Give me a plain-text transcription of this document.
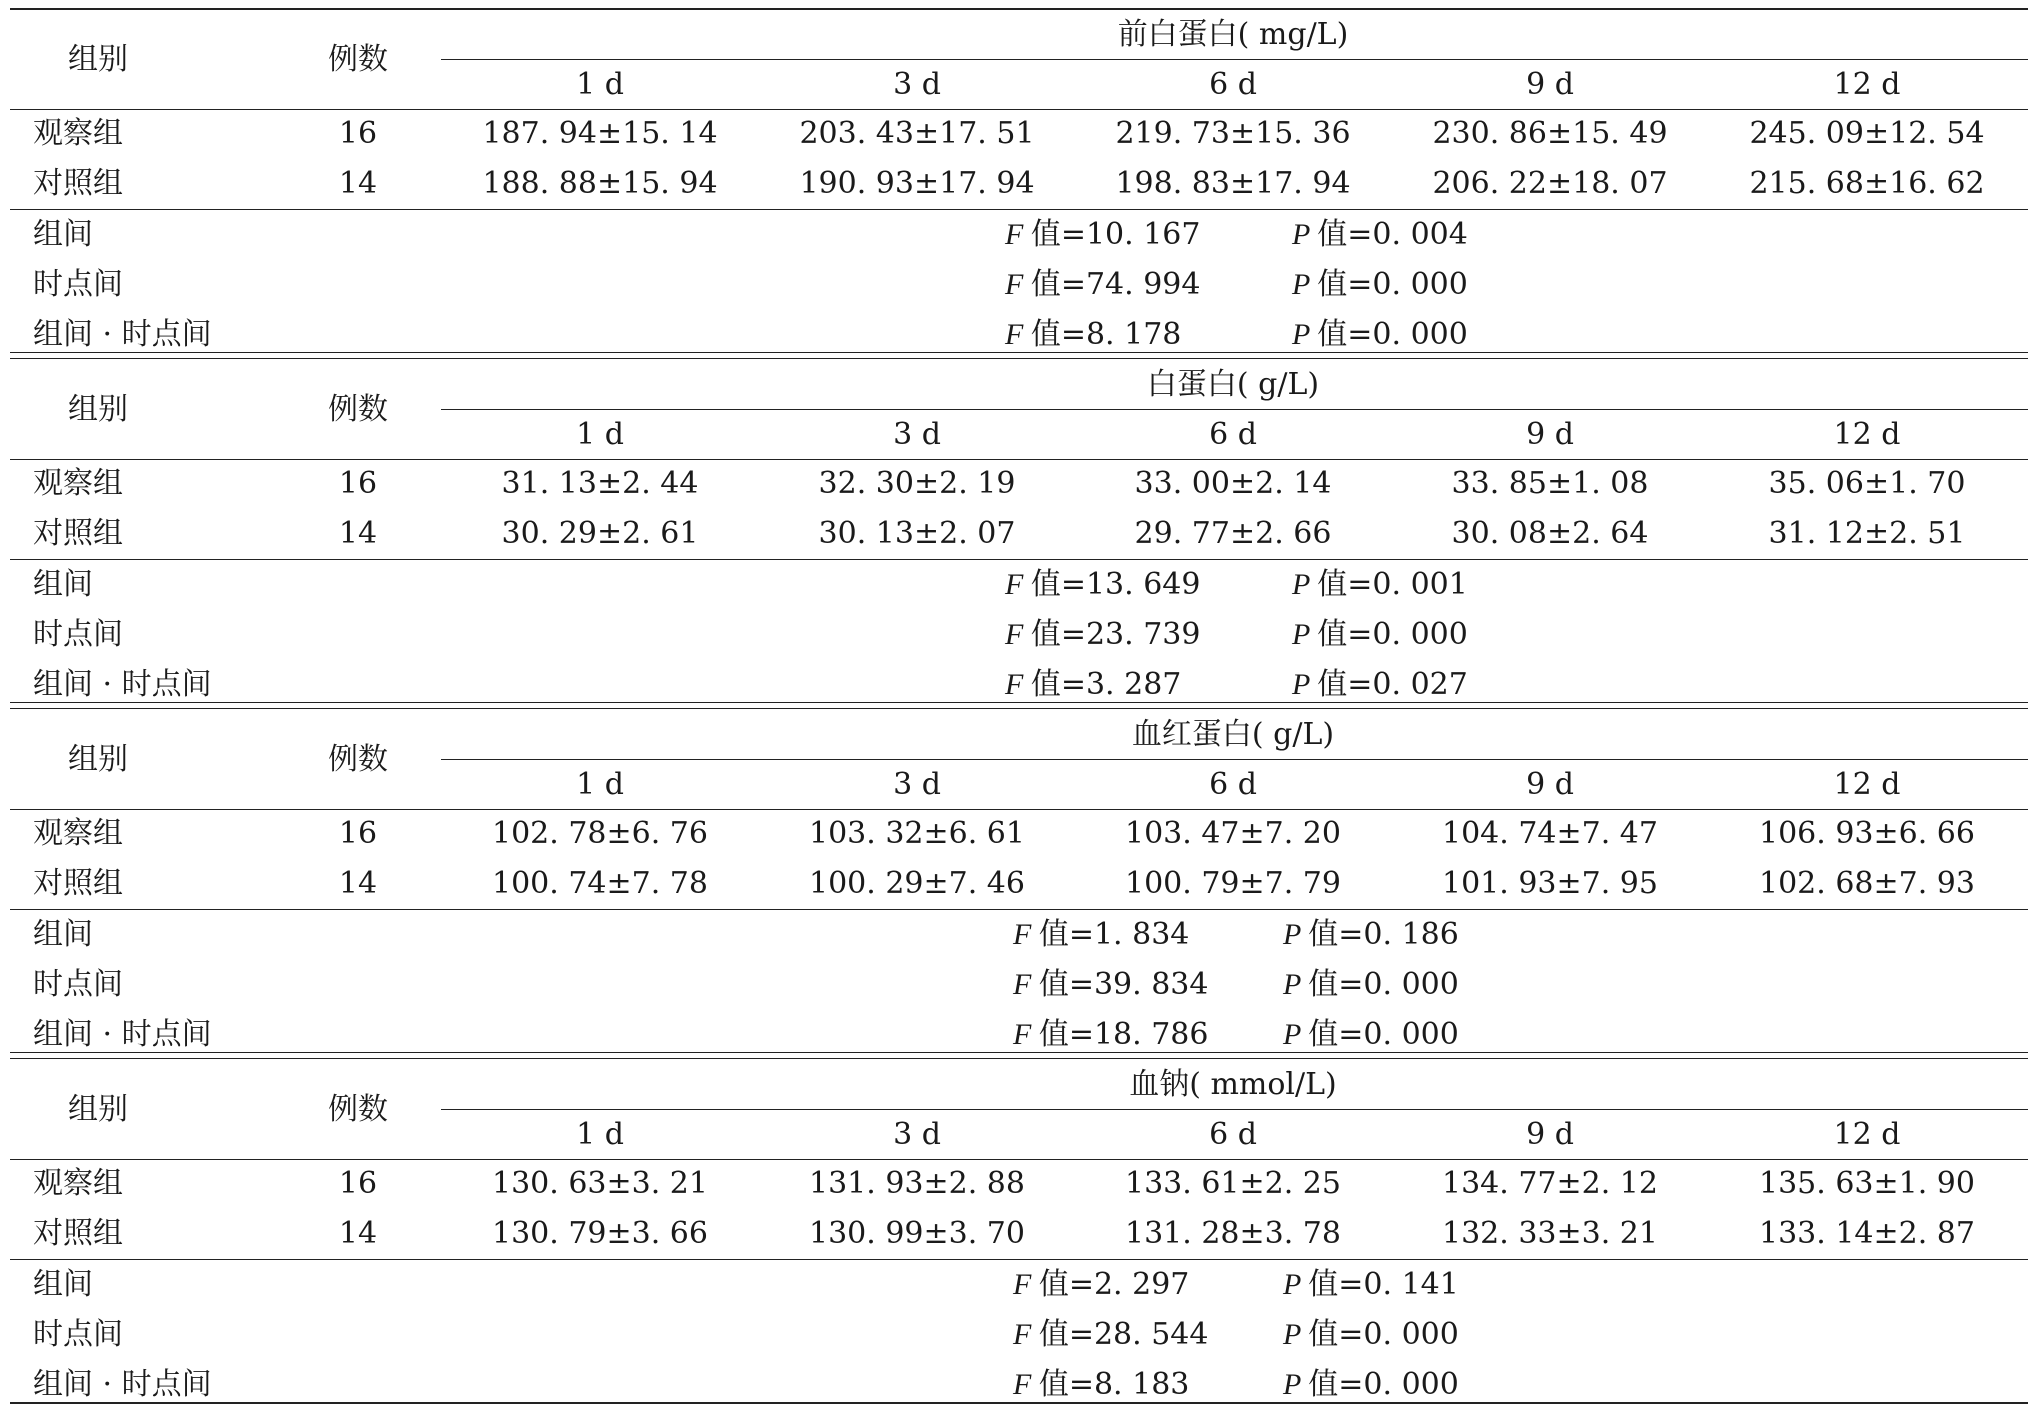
组别	例数
前白蛋白( mg/L)
1 d	3 d	6 d	9 d	12 d
观察组	16	187. 94±15. 14	203. 43±17. 51	219. 73±15. 36	230. 86±15. 49	245. 09±12. 54
对照组	14	188. 88±15. 94	190. 93±17. 94	198. 83±17. 94	206. 22±18. 07	215. 68±16. 62
组间	F 值=10. 167	P 值=0. 004
时点间	F 值=74. 994	P 值=0. 000
组间 · 时点间	F 值=8. 178	P 值=0. 000
组别	例数
白蛋白( g/L)
1 d	3 d	6 d	9 d	12 d
观察组	16	31. 13±2. 44	32. 30±2. 19	33. 00±2. 14	33. 85±1. 08	35. 06±1. 70
对照组	14	30. 29±2. 61	30. 13±2. 07	29. 77±2. 66	30. 08±2. 64	31. 12±2. 51
组间	F 值=13. 649	P 值=0. 001
时点间	F 值=23. 739	P 值=0. 000
组间 · 时点间	F 值=3. 287	P 值=0. 027
组别	例数
血红蛋白( g/L)
1 d	3 d	6 d	9 d	12 d
观察组	16	102. 78±6. 76	103. 32±6. 61	103. 47±7. 20	104. 74±7. 47	106. 93±6. 66
对照组	14	100. 74±7. 78	100. 29±7. 46	100. 79±7. 79	101. 93±7. 95	102. 68±7. 93
组间	F 值=1. 834	P 值=0. 186
时点间	F 值=39. 834 P 值=0. 000
组间 · 时点间	F 值=18. 786 P 值=0. 000
组别	例数
血钠( mmol/L)
1 d	3 d	6 d	9 d	12 d
观察组	16	130. 63±3. 21	131. 93±2. 88	133. 61±2. 25	134. 77±2. 12	135. 63±1. 90
对照组	14	130. 79±3. 66	130. 99±3. 70	131. 28±3. 78	132. 33±3. 21	133. 14±2. 87
组间	F 值=2. 297	P 值=0. 141
时点间	F 值=28. 544 P 值=0. 000
组间 · 时点间	F 值=8. 183	P 值=0. 000
